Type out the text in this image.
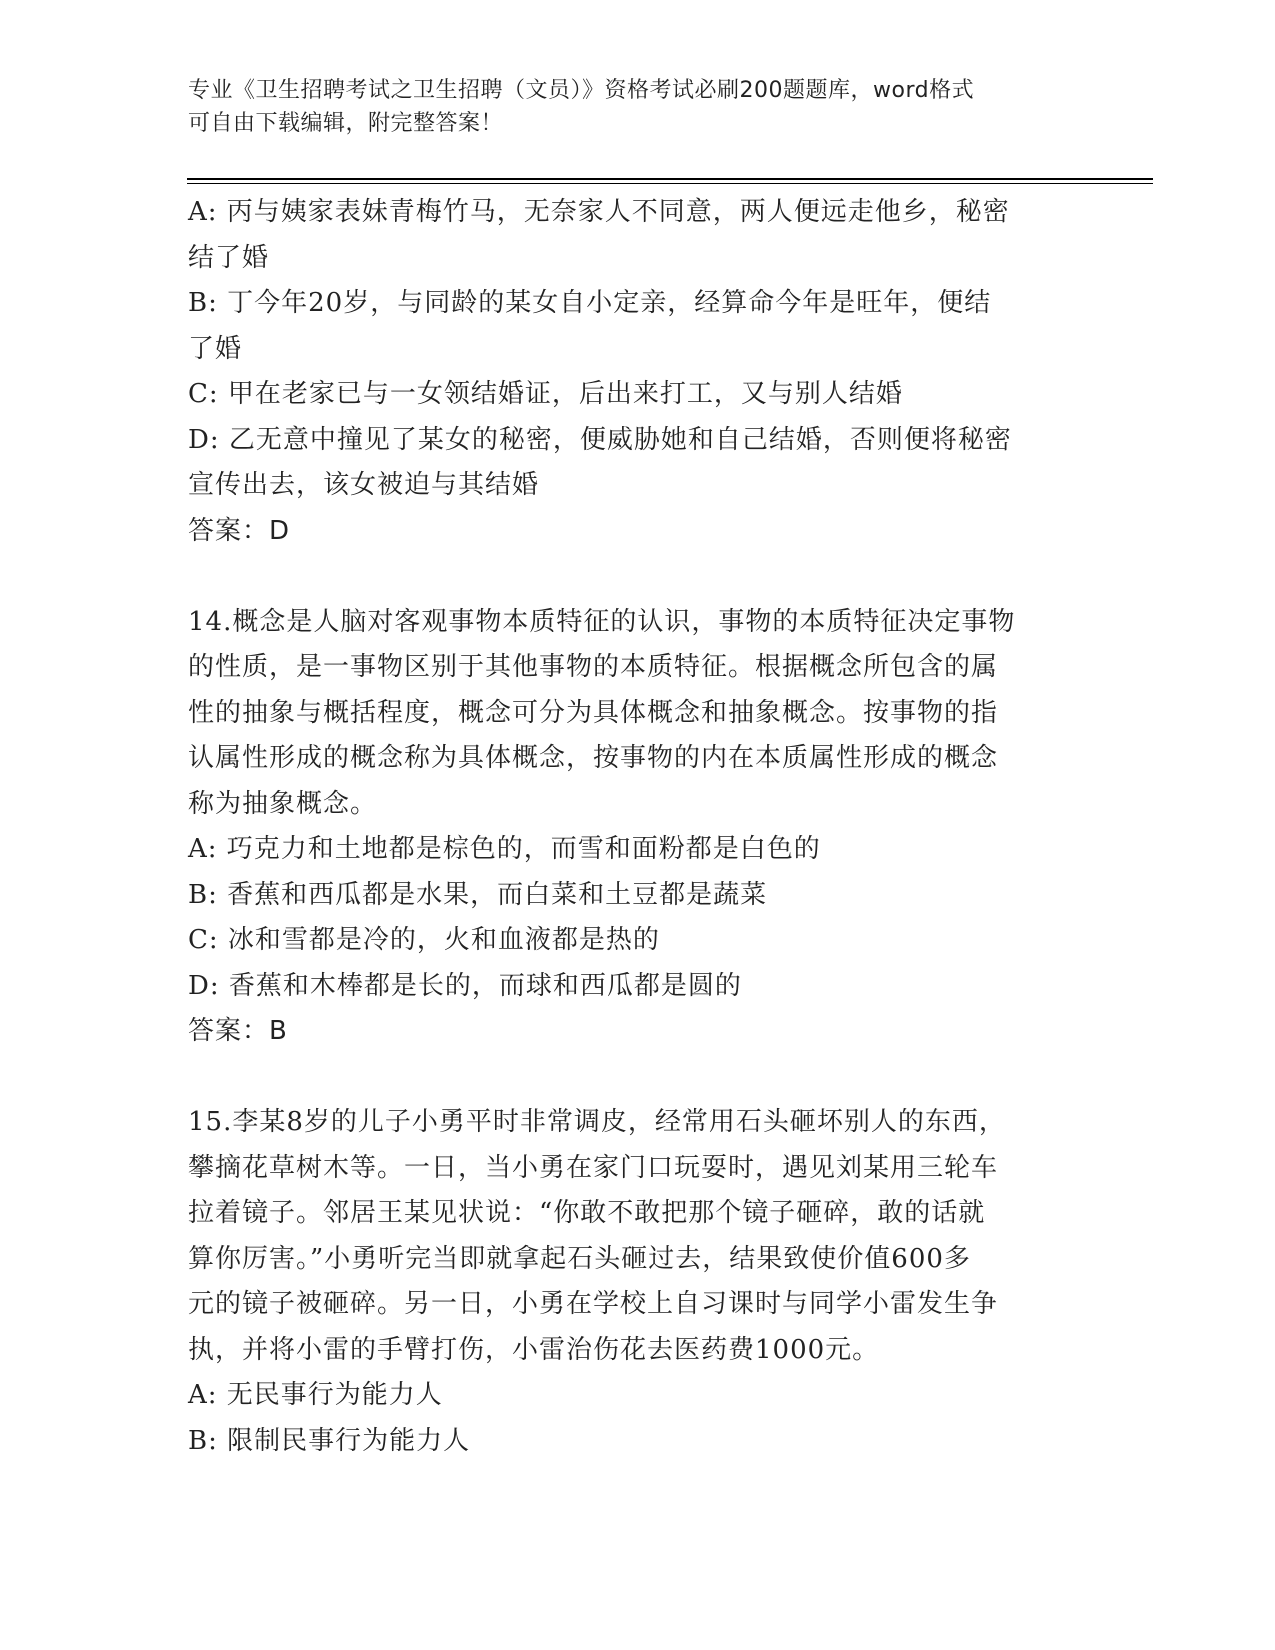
专业《卫生招聘考试之卫生招聘（文员）》资格考试必刷200题题库，word格式
可自由下载编辑，附完整答案！
A: 丙与姨家表妹青梅竹马，无奈家人不同意，两人便远走他乡，秘密
结了婚
B: 丁今年20岁，与同龄的某女自小定亲，经算命今年是旺年，便结
了婚
C: 甲在老家已与一女领结婚证，后出来打工，又与别人结婚
D: 乙无意中撞见了某女的秘密，便威胁她和自己结婚，否则便将秘密
宣传出去，该女被迫与其结婚
答案：D
14.概念是人脑对客观事物本质特征的认识，事物的本质特征决定事物
的性质，是一事物区别于其他事物的本质特征。根据概念所包含的属
性的抽象与概括程度，概念可分为具体概念和抽象概念。按事物的指
认属性形成的概念称为具体概念，按事物的内在本质属性形成的概念
称为抽象概念。
A: 巧克力和土地都是棕色的，而雪和面粉都是白色的
B: 香蕉和西瓜都是水果，而白菜和土豆都是蔬菜
C: 冰和雪都是冷的，火和血液都是热的
D: 香蕉和木棒都是长的，而球和西瓜都是圆的
答案：B
15.李某8岁的儿子小勇平时非常调皮，经常用石头砸坏别人的东西，
攀摘花草树木等。一日，当小勇在家门口玩耍时，遇见刘某用三轮车
拉着镜子。邻居王某见状说：“你敢不敢把那个镜子砸碎，敢的话就
算你厉害。”小勇听完当即就拿起石头砸过去，结果致使价值600多
元的镜子被砸碎。另一日，小勇在学校上自习课时与同学小雷发生争
执，并将小雷的手臂打伤，小雷治伤花去医药费1000元。
A: 无民事行为能力人
B: 限制民事行为能力人
